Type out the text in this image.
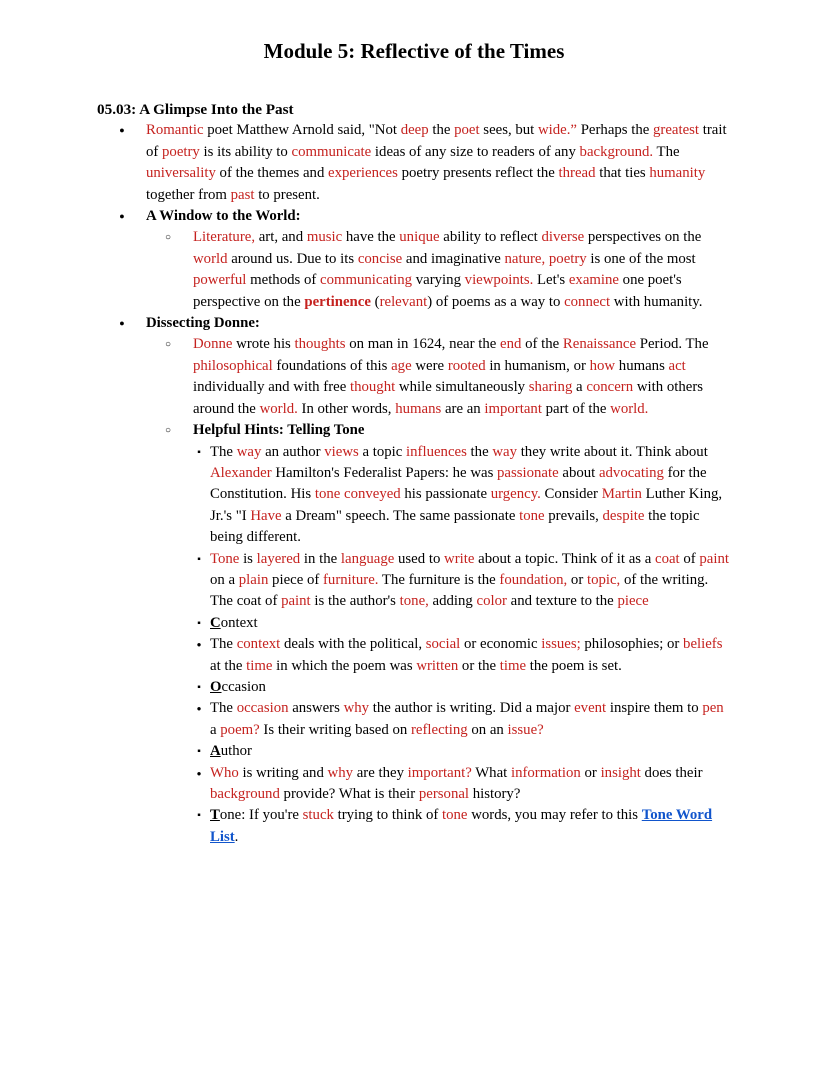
Module 5: Reflective of the Times
05.03: A Glimpse Into the Past
● Romantic poet Matthew Arnold said, "Not deep the poet sees, but wide.” Perhaps the greatest trait of poetry is its ability to communicate ideas of any size to readers of any background. The universality of the themes and experiences poetry presents reflect the thread that ties humanity together from past to present.
● A Window to the World:
○ Literature, art, and music have the unique ability to reflect diverse perspectives on the world around us. Due to its concise and imaginative nature, poetry is one of the most powerful methods of communicating varying viewpoints. Let's examine one poet's perspective on the pertinence (relevant) of poems as a way to connect with humanity.
● Dissecting Donne:
○ Donne wrote his thoughts on man in 1624, near the end of the Renaissance Period. The philosophical foundations of this age were rooted in humanism, or how humans act individually and with free thought while simultaneously sharing a concern with others around the world. In other words, humans are an important part of the world.
○ Helpful Hints: Telling Tone
▪ The way an author views a topic influences the way they write about it. Think about Alexander Hamilton's Federalist Papers: he was passionate about advocating for the Constitution. His tone conveyed his passionate urgency. Consider Martin Luther King, Jr.'s "I Have a Dream" speech. The same passionate tone prevails, despite the topic being different.
▪ Tone is layered in the language used to write about a topic. Think of it as a coat of paint on a plain piece of furniture. The furniture is the foundation, or topic, of the writing. The coat of paint is the author's tone, adding color and texture to the piece
▪ Context
● The context deals with the political, social or economic issues; philosophies; or beliefs at the time in which the poem was written or the time the poem is set.
▪ Occasion
● The occasion answers why the author is writing. Did a major event inspire them to pen a poem? Is their writing based on reflecting on an issue?
▪ Author
● Who is writing and why are they important? What information or insight does their background provide? What is their personal history?
▪ Tone: If you're stuck trying to think of tone words, you may refer to this Tone Word List.
